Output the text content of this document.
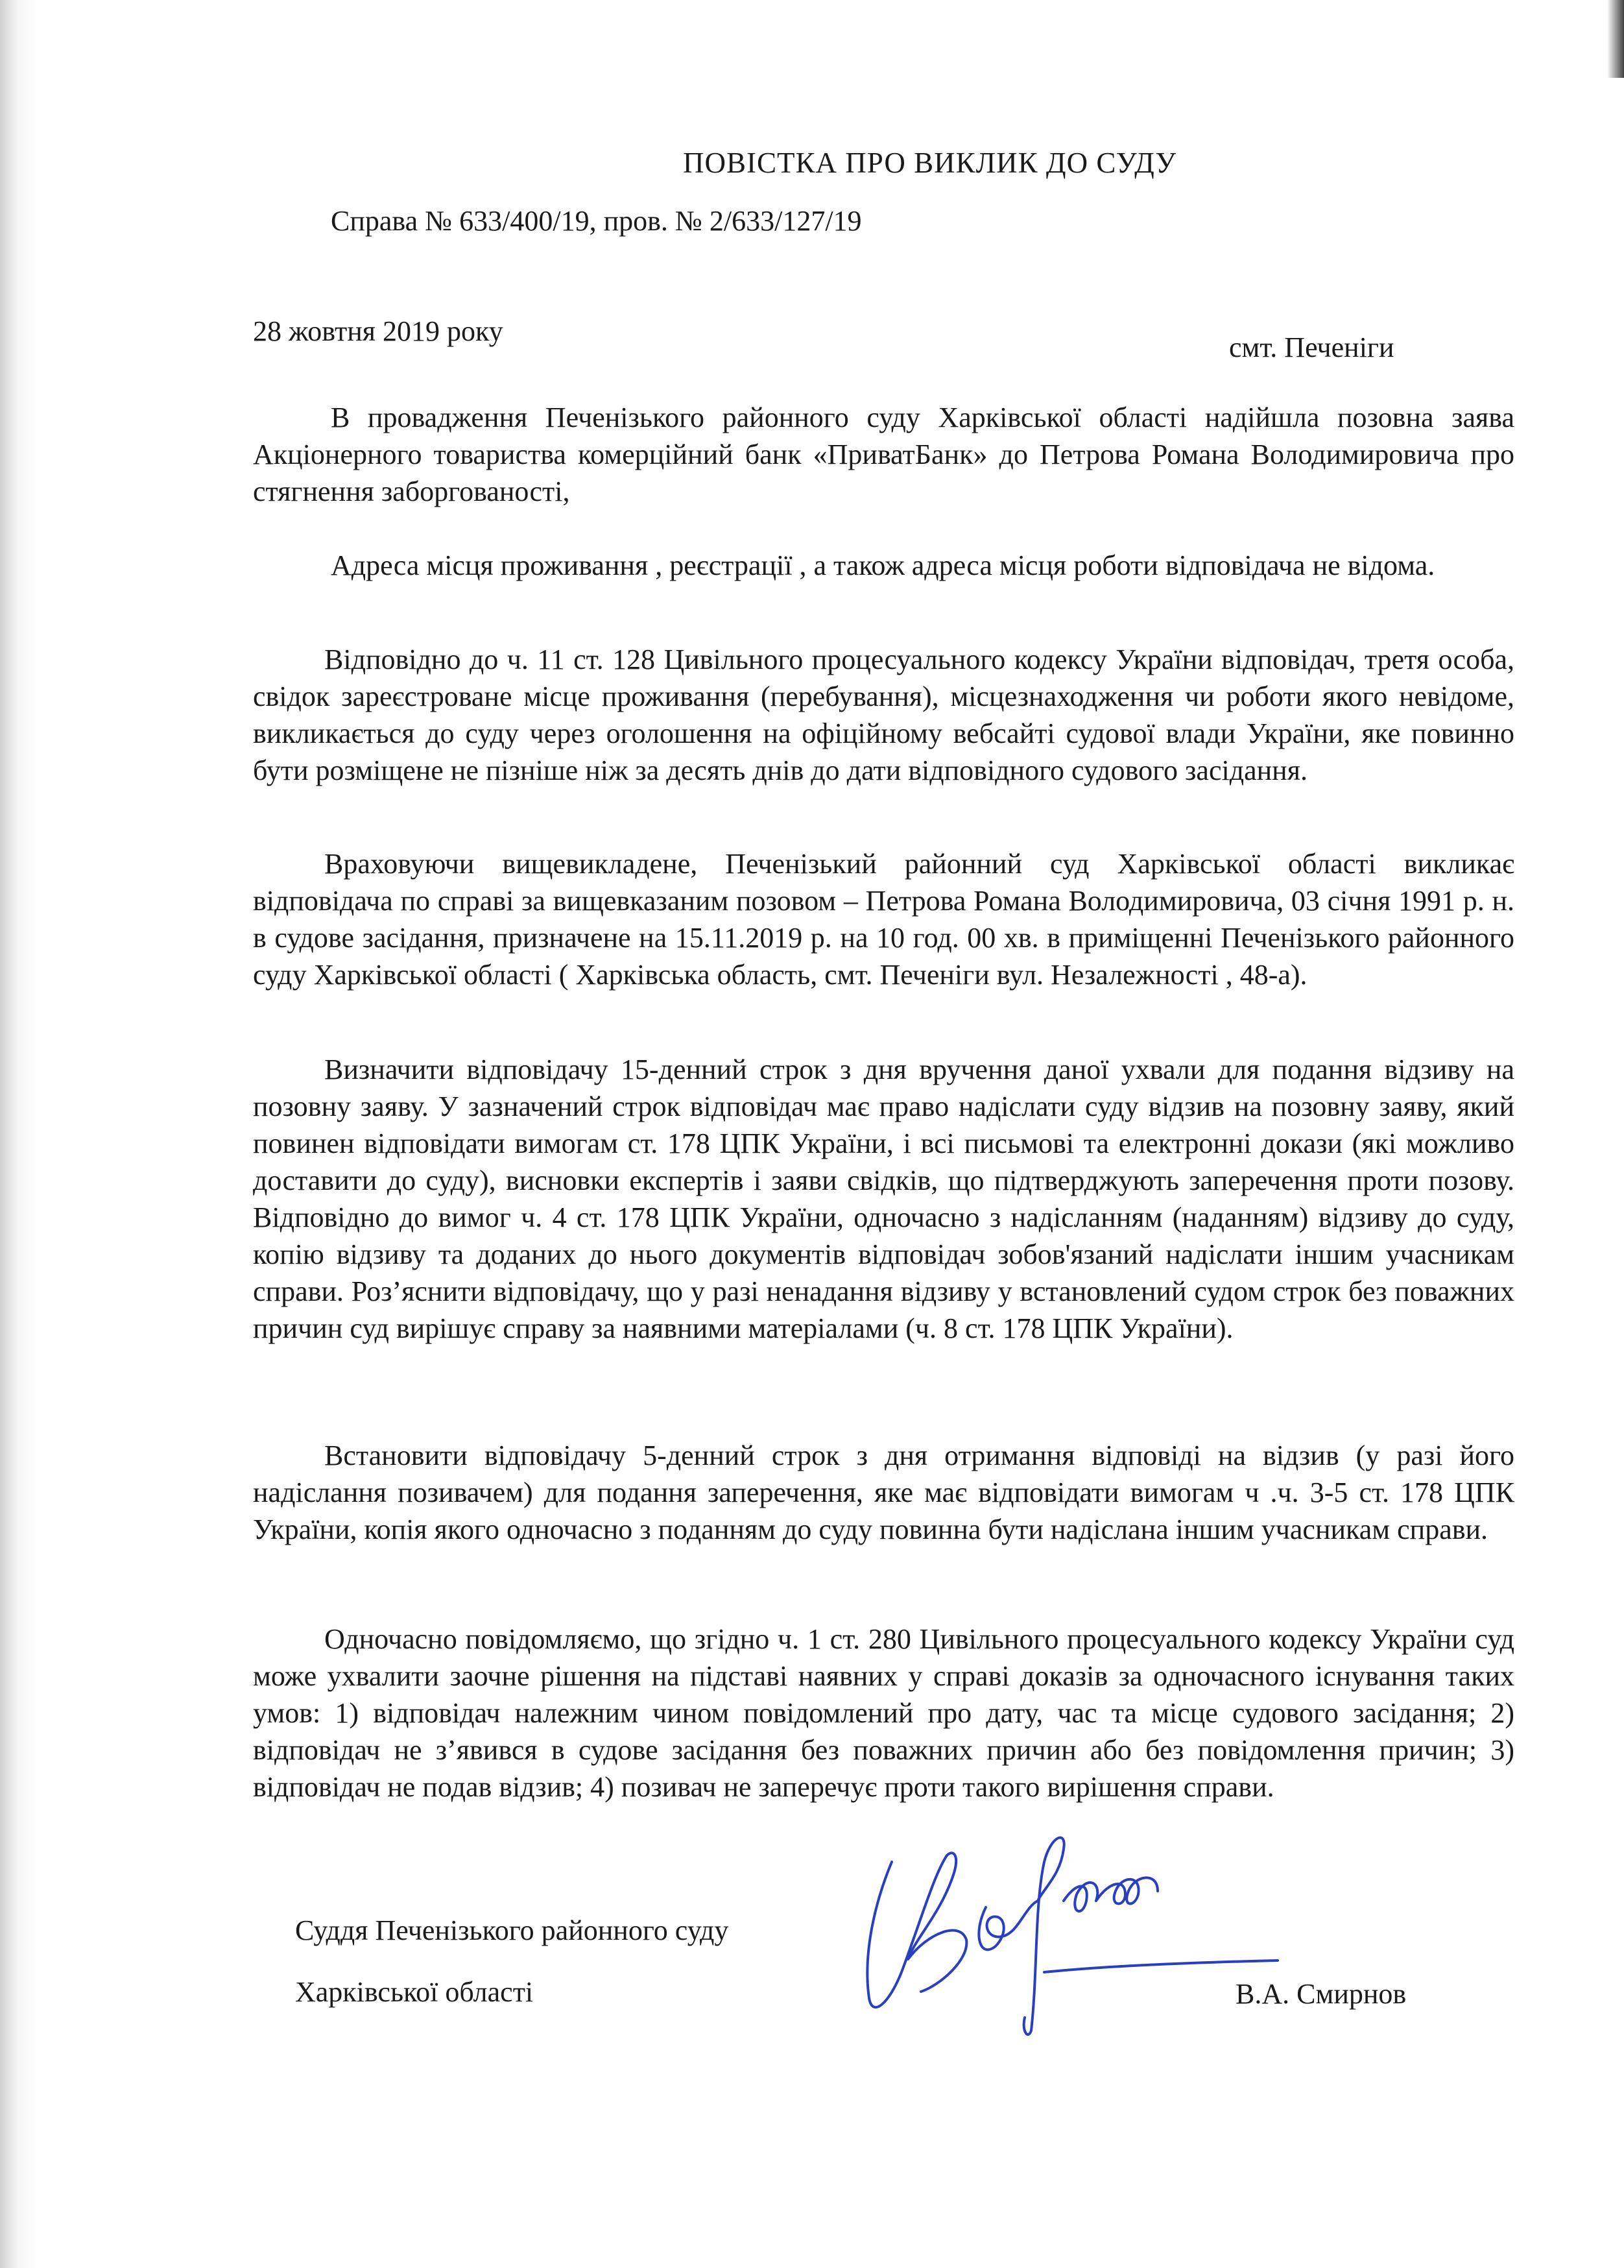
ПОВІСТКА ПРО ВИКЛИК ДО СУДУ
Справа № 633/400/19, пров. № 2/633/127/19
28 жовтня 2019 року
смт. Печеніги
В провадження Печенізького районного суду Харківської області надійшла позовна заява Акціонерного товариства комерційний банк «ПриватБанк» до Петрова Романа Володимировича про стягнення заборгованості,
Адреса місця проживання , реєстрації , а також адреса місця роботи відповідача не відома.
Відповідно до ч. 11 ст. 128 Цивільного процесуального кодексу України відповідач, третя особа, свідок зареєстроване місце проживання (перебування), місцезнаходження чи роботи якого невідоме, викликається до суду через оголошення на офіційному вебсайті судової влади України, яке повинно бути розміщене не пізніше ніж за десять днів до дати відповідного судового засідання.
Враховуючи вищевикладене, Печенізький районний суд Харківської області викликає відповідача по справі за вищевказаним позовом – Петрова Романа Володимировича, 03 січня 1991 р. н. в судове засідання, призначене на 15.11.2019 р. на 10 год. 00 хв. в приміщенні Печенізького районного суду Харківської області ( Харківська область, смт. Печеніги вул. Незалежності , 48-а).
Визначити відповідачу 15-денний строк з дня вручення даної ухвали для подання відзиву на позовну заяву. У зазначений строк відповідач має право надіслати суду відзив на позовну заяву, який повинен відповідати вимогам ст. 178 ЦПК України, і всі письмові та електронні докази (які можливо доставити до суду), висновки експертів і заяви свідків, що підтверджують заперечення проти позову. Відповідно до вимог ч. 4 ст. 178 ЦПК України, одночасно з надісланням (наданням) відзиву до суду, копію відзиву та доданих до нього документів відповідач зобов'язаний надіслати іншим учасникам справи. Роз’яснити відповідачу, що у разі ненадання відзиву у встановлений судом строк без поважних причин суд вирішує справу за наявними матеріалами (ч. 8 ст. 178 ЦПК України).
Встановити відповідачу 5-денний строк з дня отримання відповіді на відзив (у разі його надіслання позивачем) для подання заперечення, яке має відповідати вимогам ч .ч. 3-5 ст. 178 ЦПК України, копія якого одночасно з поданням до суду повинна бути надіслана іншим учасникам справи.
Одночасно повідомляємо, що згідно ч. 1 ст. 280 Цивільного процесуального кодексу України суд може ухвалити заочне рішення на підставі наявних у справі доказів за одночасного існування таких умов: 1) відповідач належним чином повідомлений про дату, час та місце судового засідання; 2) відповідач не з’явився в судове засідання без поважних причин або без повідомлення причин; 3) відповідач не подав відзив; 4) позивач не заперечує проти такого вирішення справи.
Суддя Печенізького районного суду
Харківської області	В.А. Смирнов
